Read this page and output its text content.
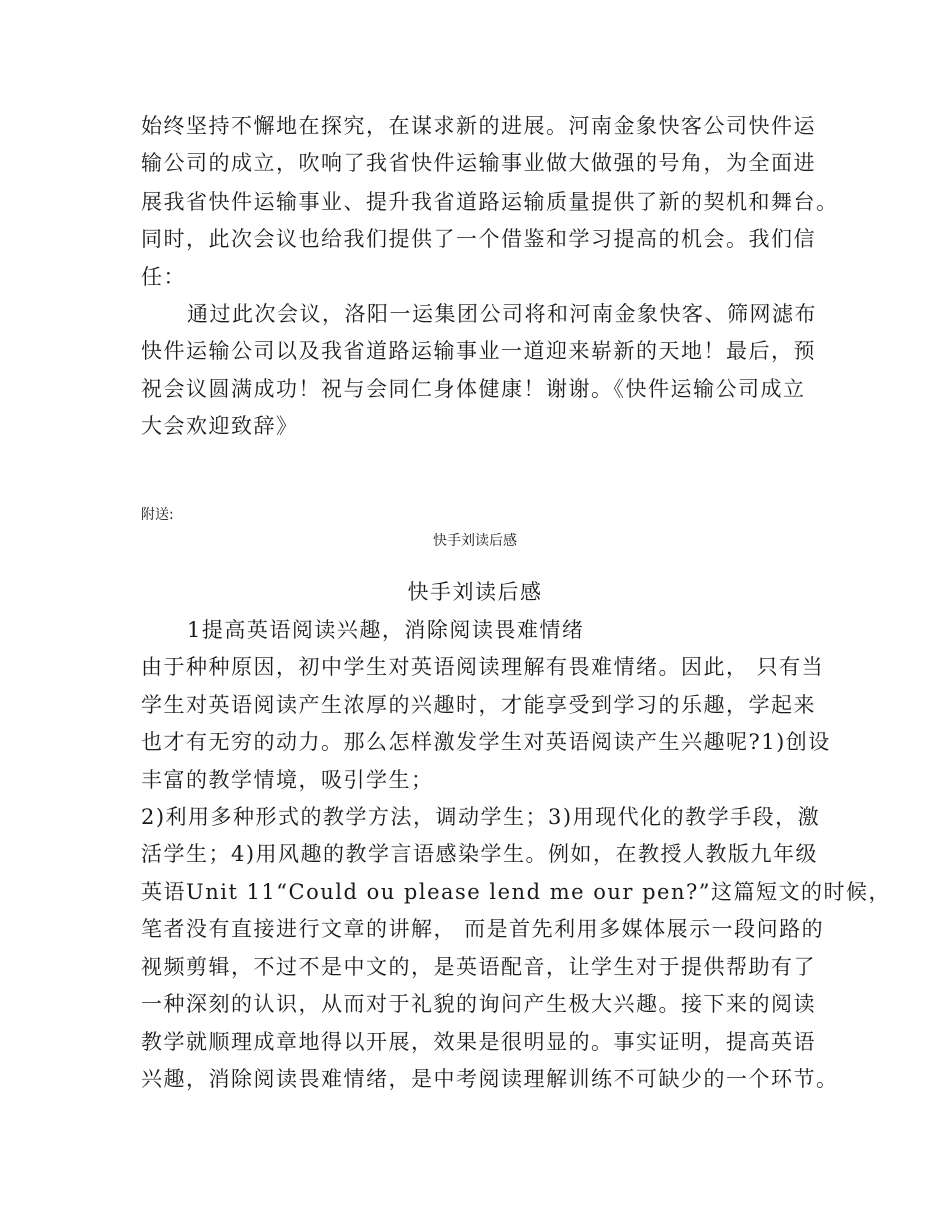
始终坚持不懈地在探究，在谋求新的进展。河南金象快客公司快件运
输公司的成立，吹响了我省快件运输事业做大做强的号角，为全面进
展我省快件运输事业、提升我省道路运输质量提供了新的契机和舞台。
同时，此次会议也给我们提供了一个借鉴和学习提高的机会。我们信
任：
通过此次会议，洛阳一运集团公司将和河南金象快客、筛网滤布
快件运输公司以及我省道路运输事业一道迎来崭新的天地！最后，预
祝会议圆满成功！祝与会同仁身体健康！谢谢。《快件运输公司成立
大会欢迎致辞》
附送:
快手刘读后感
快手刘读后感
1提高英语阅读兴趣，消除阅读畏难情绪
由于种种原因，初中学生对英语阅读理解有畏难情绪。因此， 只有当
学生对英语阅读产生浓厚的兴趣时，才能享受到学习的乐趣，学起来
也才有无穷的动力。那么怎样激发学生对英语阅读产生兴趣呢?1)创设
丰富的教学情境，吸引学生；
2)利用多种形式的教学方法，调动学生；3)用现代化的教学手段，激
活学生；4)用风趣的教学言语感染学生。例如，在教授人教版九年级
英语Unit 11“Could ou please lend me our pen?”这篇短文的时候，
笔者没有直接进行文章的讲解， 而是首先利用多媒体展示一段问路的
视频剪辑，不过不是中文的，是英语配音，让学生对于提供帮助有了
一种深刻的认识，从而对于礼貌的询问产生极大兴趣。接下来的阅读
教学就顺理成章地得以开展，效果是很明显的。事实证明，提高英语
兴趣，消除阅读畏难情绪，是中考阅读理解训练不可缺少的一个环节。
